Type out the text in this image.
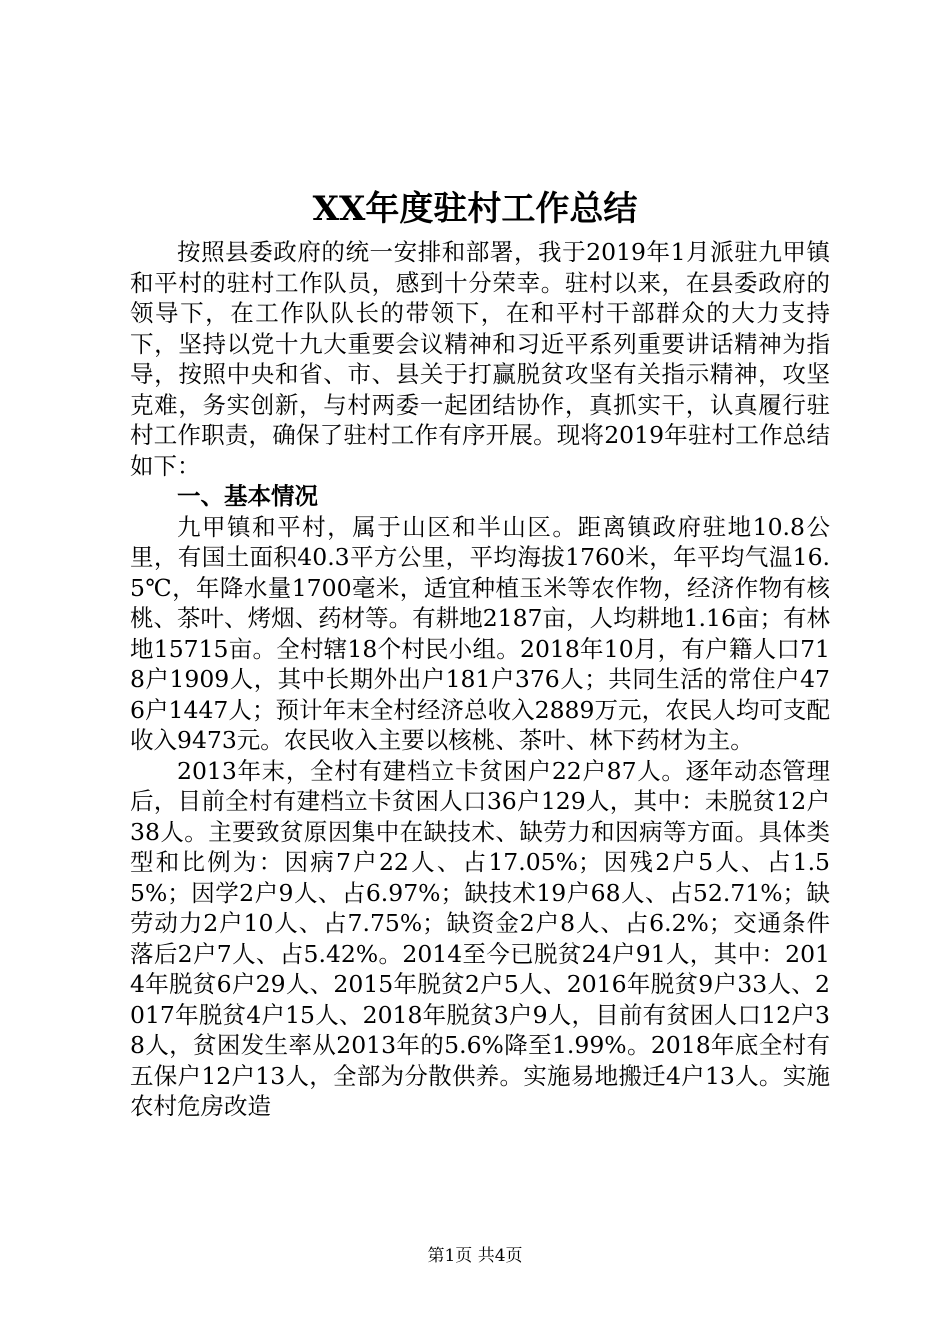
XX年度驻村工作总结

按照县委政府的统一安排和部署，我于2019年1月派驻九甲镇和平村的驻村工作队员，感到十分荣幸。驻村以来，在县委政府的领导下，在工作队队长的带领下，在和平村干部群众的大力支持下，坚持以党十九大重要会议精神和习近平系列重要讲话精神为指导，按照中央和省、市、县关于打赢脱贫攻坚有关指示精神，攻坚克难，务实创新，与村两委一起团结协作，真抓实干，认真履行驻村工作职责，确保了驻村工作有序开展。现将2019年驻村工作总结如下：

一、基本情况

九甲镇和平村，属于山区和半山区。距离镇政府驻地10.8公里，有国土面积40.3平方公里，平均海拔1760米，年平均气温16.5℃，年降水量1700毫米，适宜种植玉米等农作物，经济作物有核桃、茶叶、烤烟、药材等。有耕地2187亩，人均耕地1.16亩；有林地15715亩。全村辖18个村民小组。2018年10月，有户籍人口718户1909人，其中长期外出户181户376人；共同生活的常住户476户1447人；预计年末全村经济总收入2889万元，农民人均可支配收入9473元。农民收入主要以核桃、茶叶、林下药材为主。

2013年末，全村有建档立卡贫困户22户87人。逐年动态管理后，目前全村有建档立卡贫困人口36户129人，其中：未脱贫12户38人。主要致贫原因集中在缺技术、缺劳力和因病等方面。具体类型和比例为：因病7户22人、占17.05%；因残2户5人、占1.55%；因学2户9人、占6.97%；缺技术19户68人、占52.71%；缺劳动力2户10人、占7.75%；缺资金2户8人、占6.2%；交通条件落后2户7人、占5.42%。2014至今已脱贫24户91人，其中：2014年脱贫6户29人、2015年脱贫2户5人、2016年脱贫9户33人、2017年脱贫4户15人、2018年脱贫3户9人，目前有贫困人口12户38人，贫困发生率从2013年的5.6%降至1.99%。2018年底全村有五保户12户13人，全部为分散供养。实施易地搬迁4户13人。实施农村危房改造

第1页 共4页
